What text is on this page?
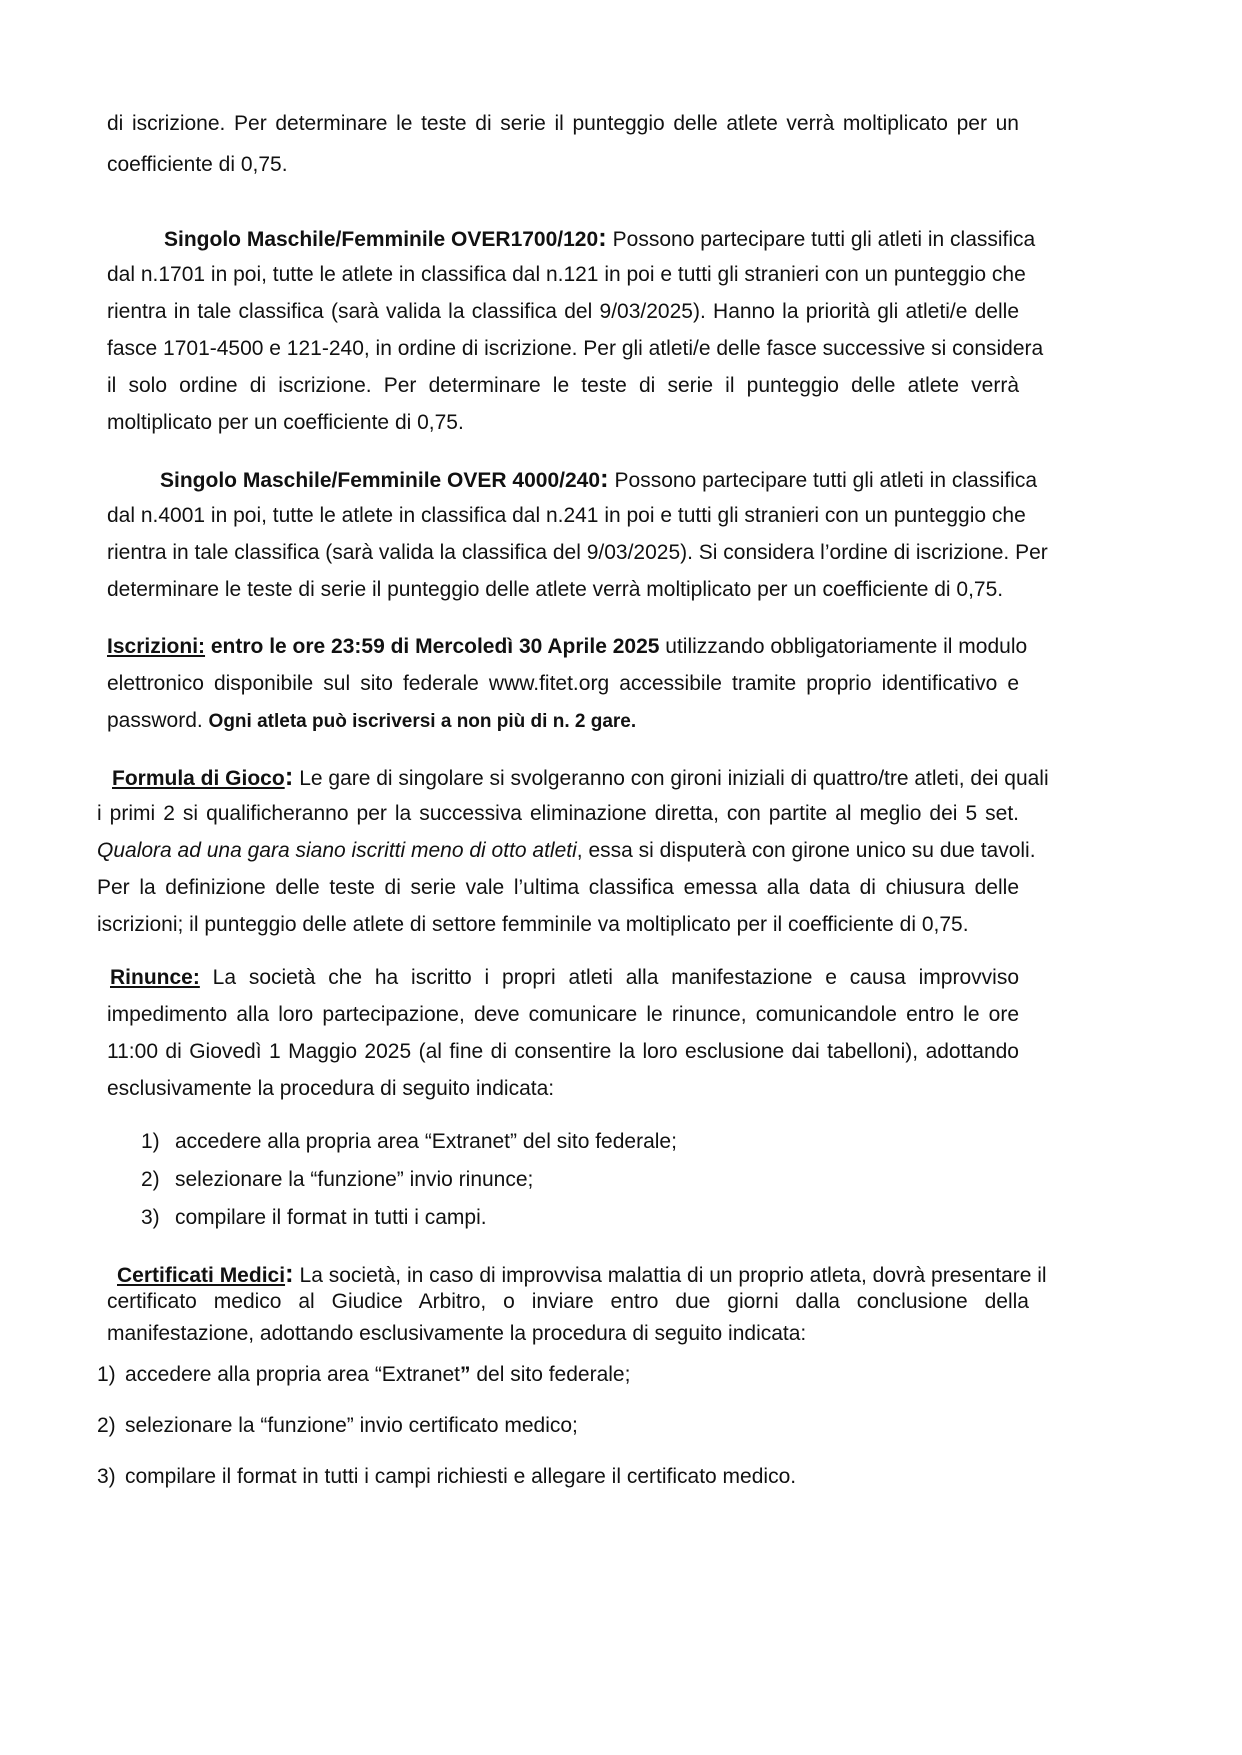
di iscrizione. Per determinare le teste di serie il punteggio delle atlete verrà moltiplicato per un
coefficiente di 0,75.
Singolo Maschile/Femminile OVER1700/120: Possono partecipare tutti gli atleti in classifica
dal n.1701 in poi, tutte le atlete in classifica dal n.121 in poi e tutti gli stranieri con un punteggio che
rientra in tale classifica (sarà valida la classifica del 9/03/2025). Hanno la priorità gli atleti/e delle
fasce 1701-4500 e 121-240, in ordine di iscrizione. Per gli atleti/e delle fasce successive si considera
il solo ordine di iscrizione. Per determinare le teste di serie il punteggio delle atlete verrà
moltiplicato per un coefficiente di 0,75.
Singolo Maschile/Femminile OVER 4000/240: Possono partecipare tutti gli atleti in classifica
dal n.4001 in poi, tutte le atlete in classifica dal n.241 in poi e tutti gli stranieri con un punteggio che
rientra in tale classifica (sarà valida la classifica del 9/03/2025). Si considera l’ordine di iscrizione. Per
determinare le teste di serie il punteggio delle atlete verrà moltiplicato per un coefficiente di 0,75.
Iscrizioni: entro le ore 23:59 di Mercoledì 30 Aprile 2025 utilizzando obbligatoriamente il modulo
elettronico disponibile sul sito federale www.fitet.org accessibile tramite proprio identificativo e
password. Ogni atleta può iscriversi a non più di n. 2 gare.
Formula di Gioco: Le gare di singolare si svolgeranno con gironi iniziali di quattro/tre atleti, dei quali
i primi 2 si qualificheranno per la successiva eliminazione diretta, con partite al meglio dei 5 set.
Qualora ad una gara siano iscritti meno di otto atleti, essa si disputerà con girone unico su due tavoli.
Per la definizione delle teste di serie vale l’ultima classifica emessa alla data di chiusura delle
iscrizioni; il punteggio delle atlete di settore femminile va moltiplicato per il coefficiente di 0,75.
Rinunce: La società che ha iscritto i propri atleti alla manifestazione e causa improvviso
impedimento alla loro partecipazione, deve comunicare le rinunce, comunicandole entro le ore
11:00 di Giovedì 1 Maggio 2025 (al fine di consentire la loro esclusione dai tabelloni), adottando
esclusivamente la procedura di seguito indicata:
1) accedere alla propria area “Extranet” del sito federale;
2) selezionare la “funzione” invio rinunce;
3) compilare il format in tutti i campi.
Certificati Medici: La società, in caso di improvvisa malattia di un proprio atleta, dovrà presentare il
certificato medico al Giudice Arbitro, o inviare entro due giorni dalla conclusione della
manifestazione, adottando esclusivamente la procedura di seguito indicata:
1) accedere alla propria area “Extranet” del sito federale;
2) selezionare la “funzione” invio certificato medico;
3) compilare il format in tutti i campi richiesti e allegare il certificato medico.
